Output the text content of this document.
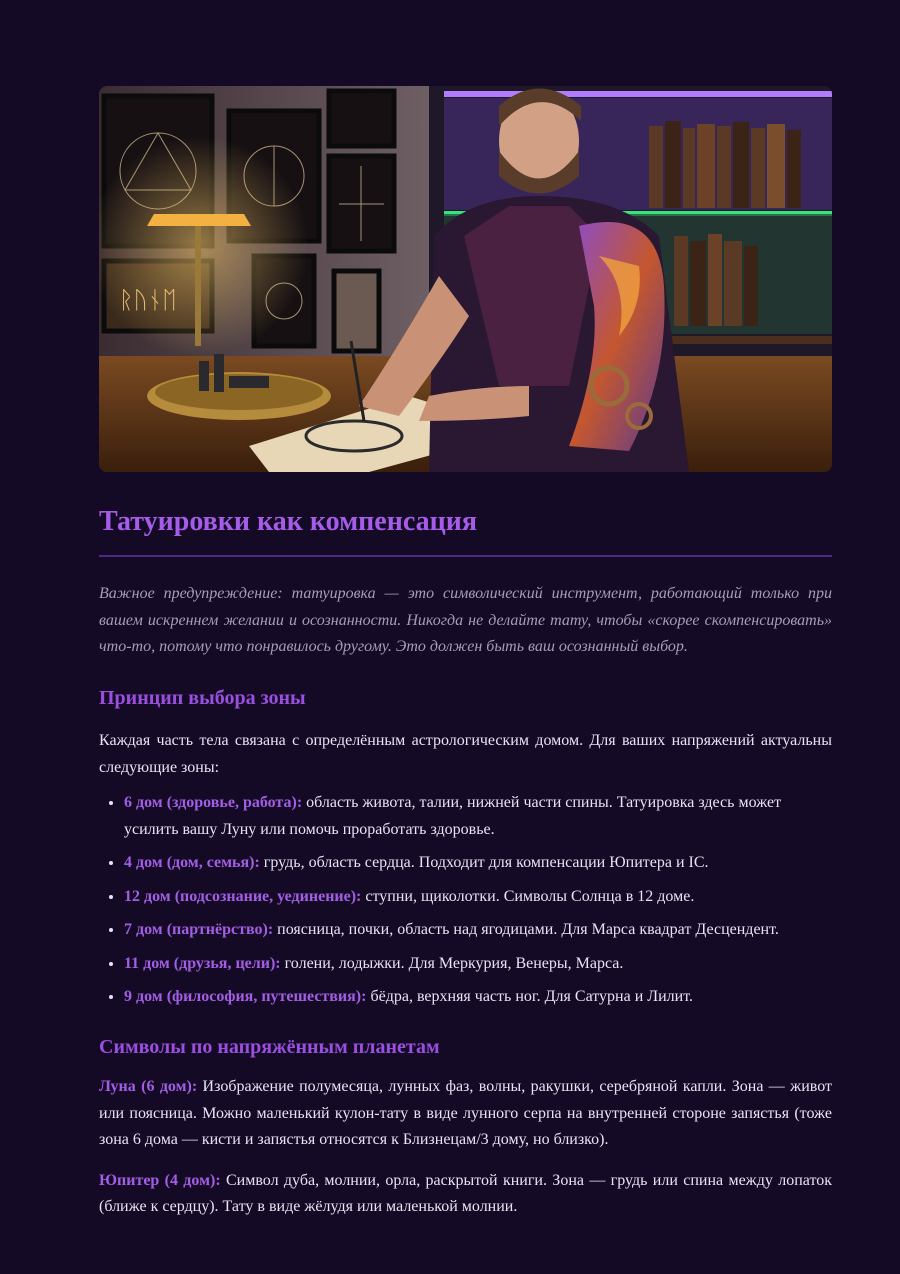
Татуировки как компенсация

Важное предупреждение: татуировка — это символический инструмент, работающий только при вашем искреннем желании и осознанности. Никогда не делайте тату, чтобы «скорее скомпенсировать» что-то, потому что понравилось другому. Это должен быть ваш осознанный выбор.

Принцип выбора зоны

Каждая часть тела связана с определённым астрологическим домом. Для ваших напряжений актуальны следующие зоны:

• 6 дом (здоровье, работа): область живота, талии, нижней части спины. Татуировка здесь может усилить вашу Луну или помочь проработать здоровье.
• 4 дом (дом, семья): грудь, область сердца. Подходит для компенсации Юпитера и IC.
• 12 дом (подсознание, уединение): ступни, щиколотки. Символы Солнца в 12 доме.
• 7 дом (партнёрство): поясница, почки, область над ягодицами. Для Марса квадрат Десцендент.
• 11 дом (друзья, цели): голени, лодыжки. Для Меркурия, Венеры, Марса.
• 9 дом (философия, путешествия): бёдра, верхняя часть ног. Для Сатурна и Лилит.
Символы по напряжённым планетам

Луна (6 дом): Изображение полумесяца, лунных фаз, волны, ракушки, серебряной капли. Зона — живот или поясница. Можно маленький кулон-тату в виде лунного серпа на внутренней стороне запястья (тоже зона 6 дома — кисти и запястья относятся к Близнецам/3 дому, но близко).

Юпитер (4 дом): Символ дуба, молнии, орла, раскрытой книги. Зона — грудь или спина между лопаток (ближе к сердцу). Тату в виде жёлудя или маленькой молнии.
